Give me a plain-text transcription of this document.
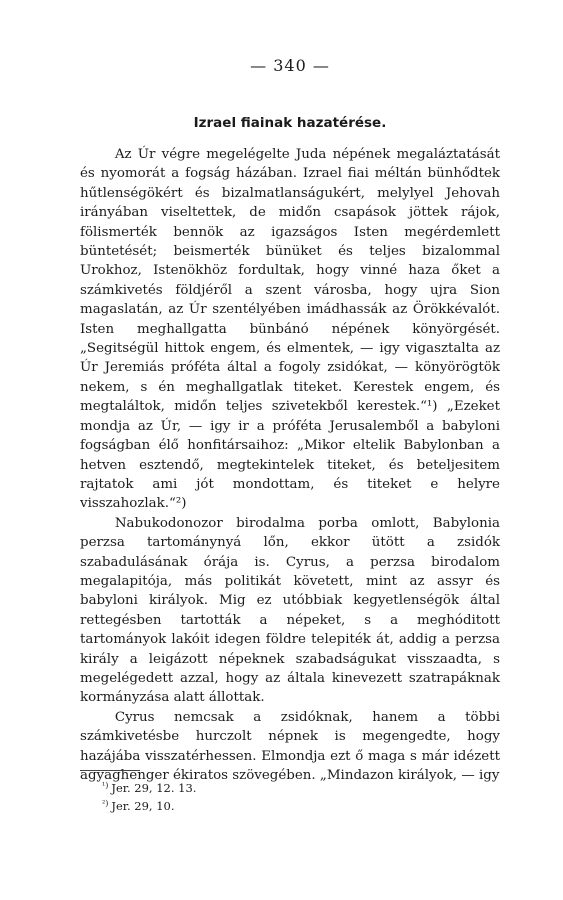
— 340 —
Izrael fiainak hazatérése.

Az Úr végre megelégelte Juda népének megaláztatását és nyomorát a fogság házában. Izrael fiai méltán bünhődtek hűtlenségökért és bizalmatlanságukért, melylyel Jehovah irányában viseltettek, de midőn csapások jöttek rájok, fölismerték bennök az igazságos Isten megérdemlett büntetését; beismerték bünüket és teljes bizalommal Urokhoz, Istenökhöz fordultak, hogy vinné haza őket a számkivetés földjéről a szent városba, hogy ujra Sion magaslatán, az Úr szentélyében imádhassák az Örökkévalót. Isten meghallgatta bünbánó népének könyörgését. „Segitségül hittok engem, és elmentek, — igy vigasztalta az Úr Jeremiás próféta által a fogoly zsidókat, — könyörögtök nekem, s én meghallgatlak titeket. Kerestek engem, és megtaláltok, midőn teljes szivetekből kerestek.“¹) „Ezeket mondja az Úr, — igy ir a próféta Jerusalemből a babyloni fogságban élő honfitársaihoz: „Mikor eltelik Babylonban a hetven esztendő, megtekintelek titeket, és beteljesitem rajtatok ami jót mondottam, és titeket e helyre visszahozlak.“²)

Nabukodonozor birodalma porba omlott, Babylonia perzsa tartománynyá lőn, ekkor ütött a zsidók szabadulásának órája is. Cyrus, a perzsa birodalom megalapitója, más politikát követett, mint az assyr és babyloni királyok. Mig ez utóbbiak kegyetlenségök által rettegésben tartották a népeket, s a meghóditott tartományok lakóit idegen földre telepiték át, addig a perzsa király a leigázott népeknek szabadságukat visszaadta, s megelégedett azzal, hogy az általa kinevezett szatrapáknak kormányzása alatt állottak.

Cyrus nemcsak a zsidóknak, hanem a többi számkivetésbe hurczolt népnek is megengedte, hogy hazájába visszatérhessen. Elmondja ezt ő maga s már idézett agyaghenger ékiratos szövegében. „Mindazon királyok, — igy

$^{^1)}$ Jer. 29, 12. 13.
$^{^2)}$ Jer. 29, 10.
